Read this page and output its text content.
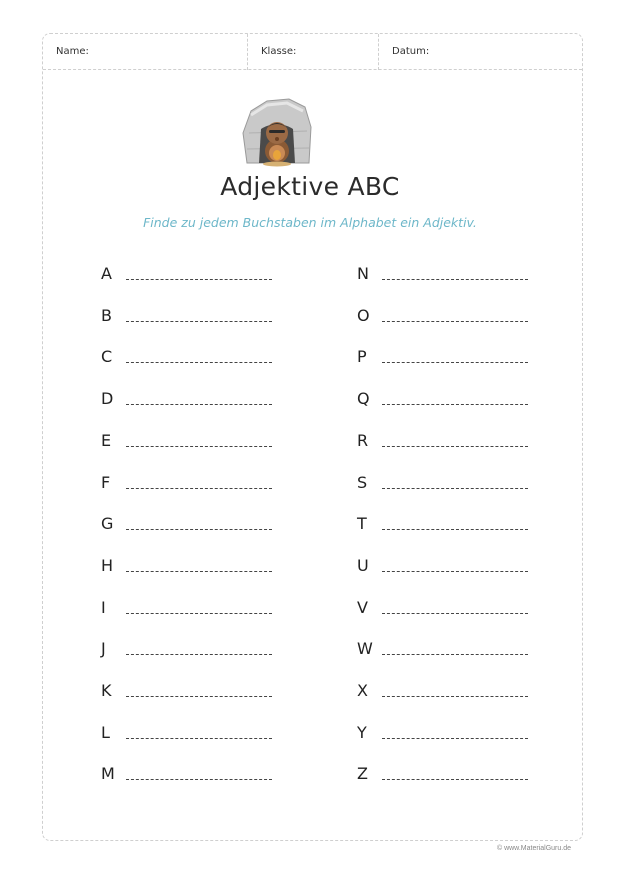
Name:	Klasse:	Datum:
Adjektive ABC
Finde zu jedem Buchstaben im Alphabet ein Adjektiv.
A
B
C
D
E
F
G
H
I
J
K
L
M
N
O
P
Q
R
S
T
U
V
W
X
Y
Z
© www.MaterialGuru.de
